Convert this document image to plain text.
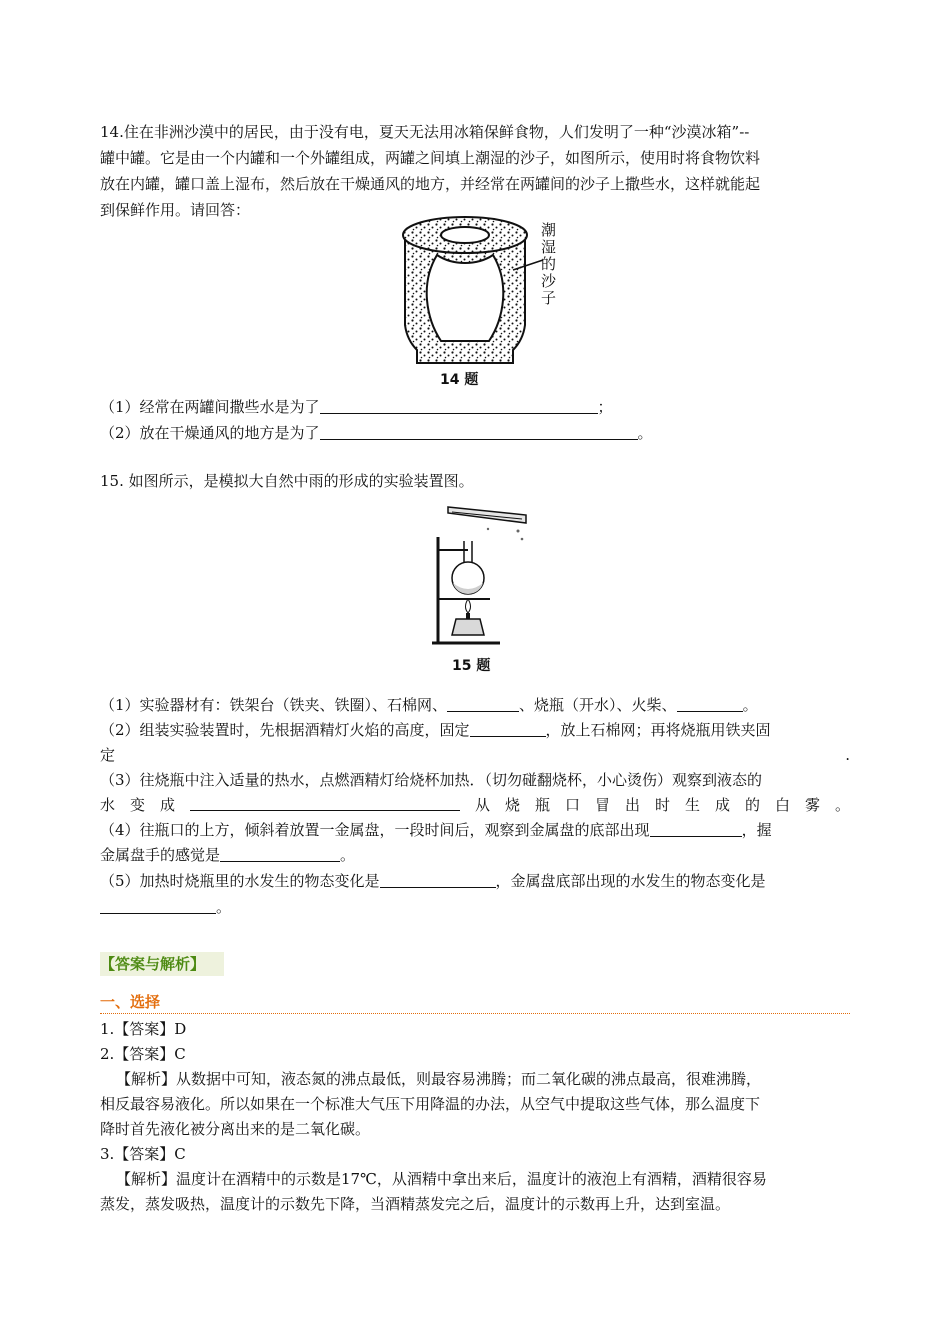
14.住在非洲沙漠中的居民，由于没有电，夏天无法用冰箱保鲜食物，人们发明了一种“沙漠冰箱”--
罐中罐。它是由一个内罐和一个外罐组成，两罐之间填上潮湿的沙子，如图所示，使用时将食物饮料
放在内罐，罐口盖上湿布，然后放在干燥通风的地方，并经常在两罐间的沙子上撒些水，这样就能起
到保鲜作用。请回答：
潮湿的沙子
14 题
（1）经常在两罐间撒些水是为了	；
（2）放在干燥通风的地方是为了	。
15. 如图所示，是模拟大自然中雨的形成的实验装置图。
15 题
（1）实验器材有：铁架台（铁夹、铁圈）、石棉网、	、烧瓶（开水）、火柴、	。
（2）组装实验装置时，先根据酒精灯火焰的高度，固定	，放上石棉网；再将烧瓶用铁夹固
定	.
（3）往烧瓶中注入适量的热水，点燃酒精灯给烧杯加热．（切勿碰翻烧杯，小心烫伤）观察到液态的
水 变 成	从 烧 瓶 口 冒 出 时 生 成 的 白 雾 。
（4）往瓶口的上方，倾斜着放置一金属盘，一段时间后，观察到金属盘的底部出现	，握
金属盘手的感觉是	。
（5）加热时烧瓶里的水发生的物态变化是	，金属盘底部出现的水发生的物态变化是
。
【答案与解析】
一、选择
1.【答案】D
2.【答案】C
【解析】从数据中可知，液态氮的沸点最低，则最容易沸腾；而二氧化碳的沸点最高，很难沸腾，
相反最容易液化。所以如果在一个标准大气压下用降温的办法，从空气中提取这些气体，那么温度下
降时首先液化被分离出来的是二氧化碳。
3.【答案】C
【解析】温度计在酒精中的示数是17℃，从酒精中拿出来后，温度计的液泡上有酒精，酒精很容易
蒸发，蒸发吸热，温度计的示数先下降，当酒精蒸发完之后，温度计的示数再上升，达到室温。
